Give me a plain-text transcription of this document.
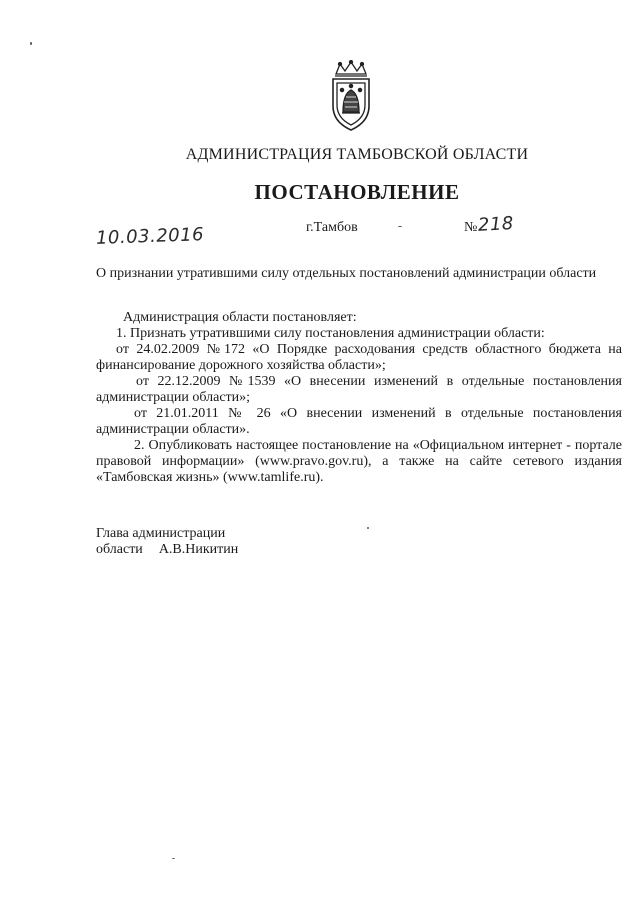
АДМИНИСТРАЦИЯ ТАМБОВСКОЙ ОБЛАСТИ
ПОСТАНОВЛЕНИЕ
10.03.2016	г.Тамбов	№ 218
О признании утратившими силу отдельных постановлений администрации области

Администрация области постановляет:

1. Признать утратившими силу постановления администрации области:

от 24.02.2009 №172 «О Порядке расходования средств областного бюджета на финансирование дорожного хозяйства области»;

от 22.12.2009 №1539 «О внесении изменений в отдельные постановления администрации области»;

от 21.01.2011 № 26 «О внесении изменений в отдельные постановления администрации области».

2. Опубликовать настоящее постановление на «Официальном интернет - портале правовой информации» (www.pravo.gov.ru), а также на сайте сетевого издания «Тамбовская жизнь» (www.tamlife.ru).

Глава администрации
области А.В.Никитин
